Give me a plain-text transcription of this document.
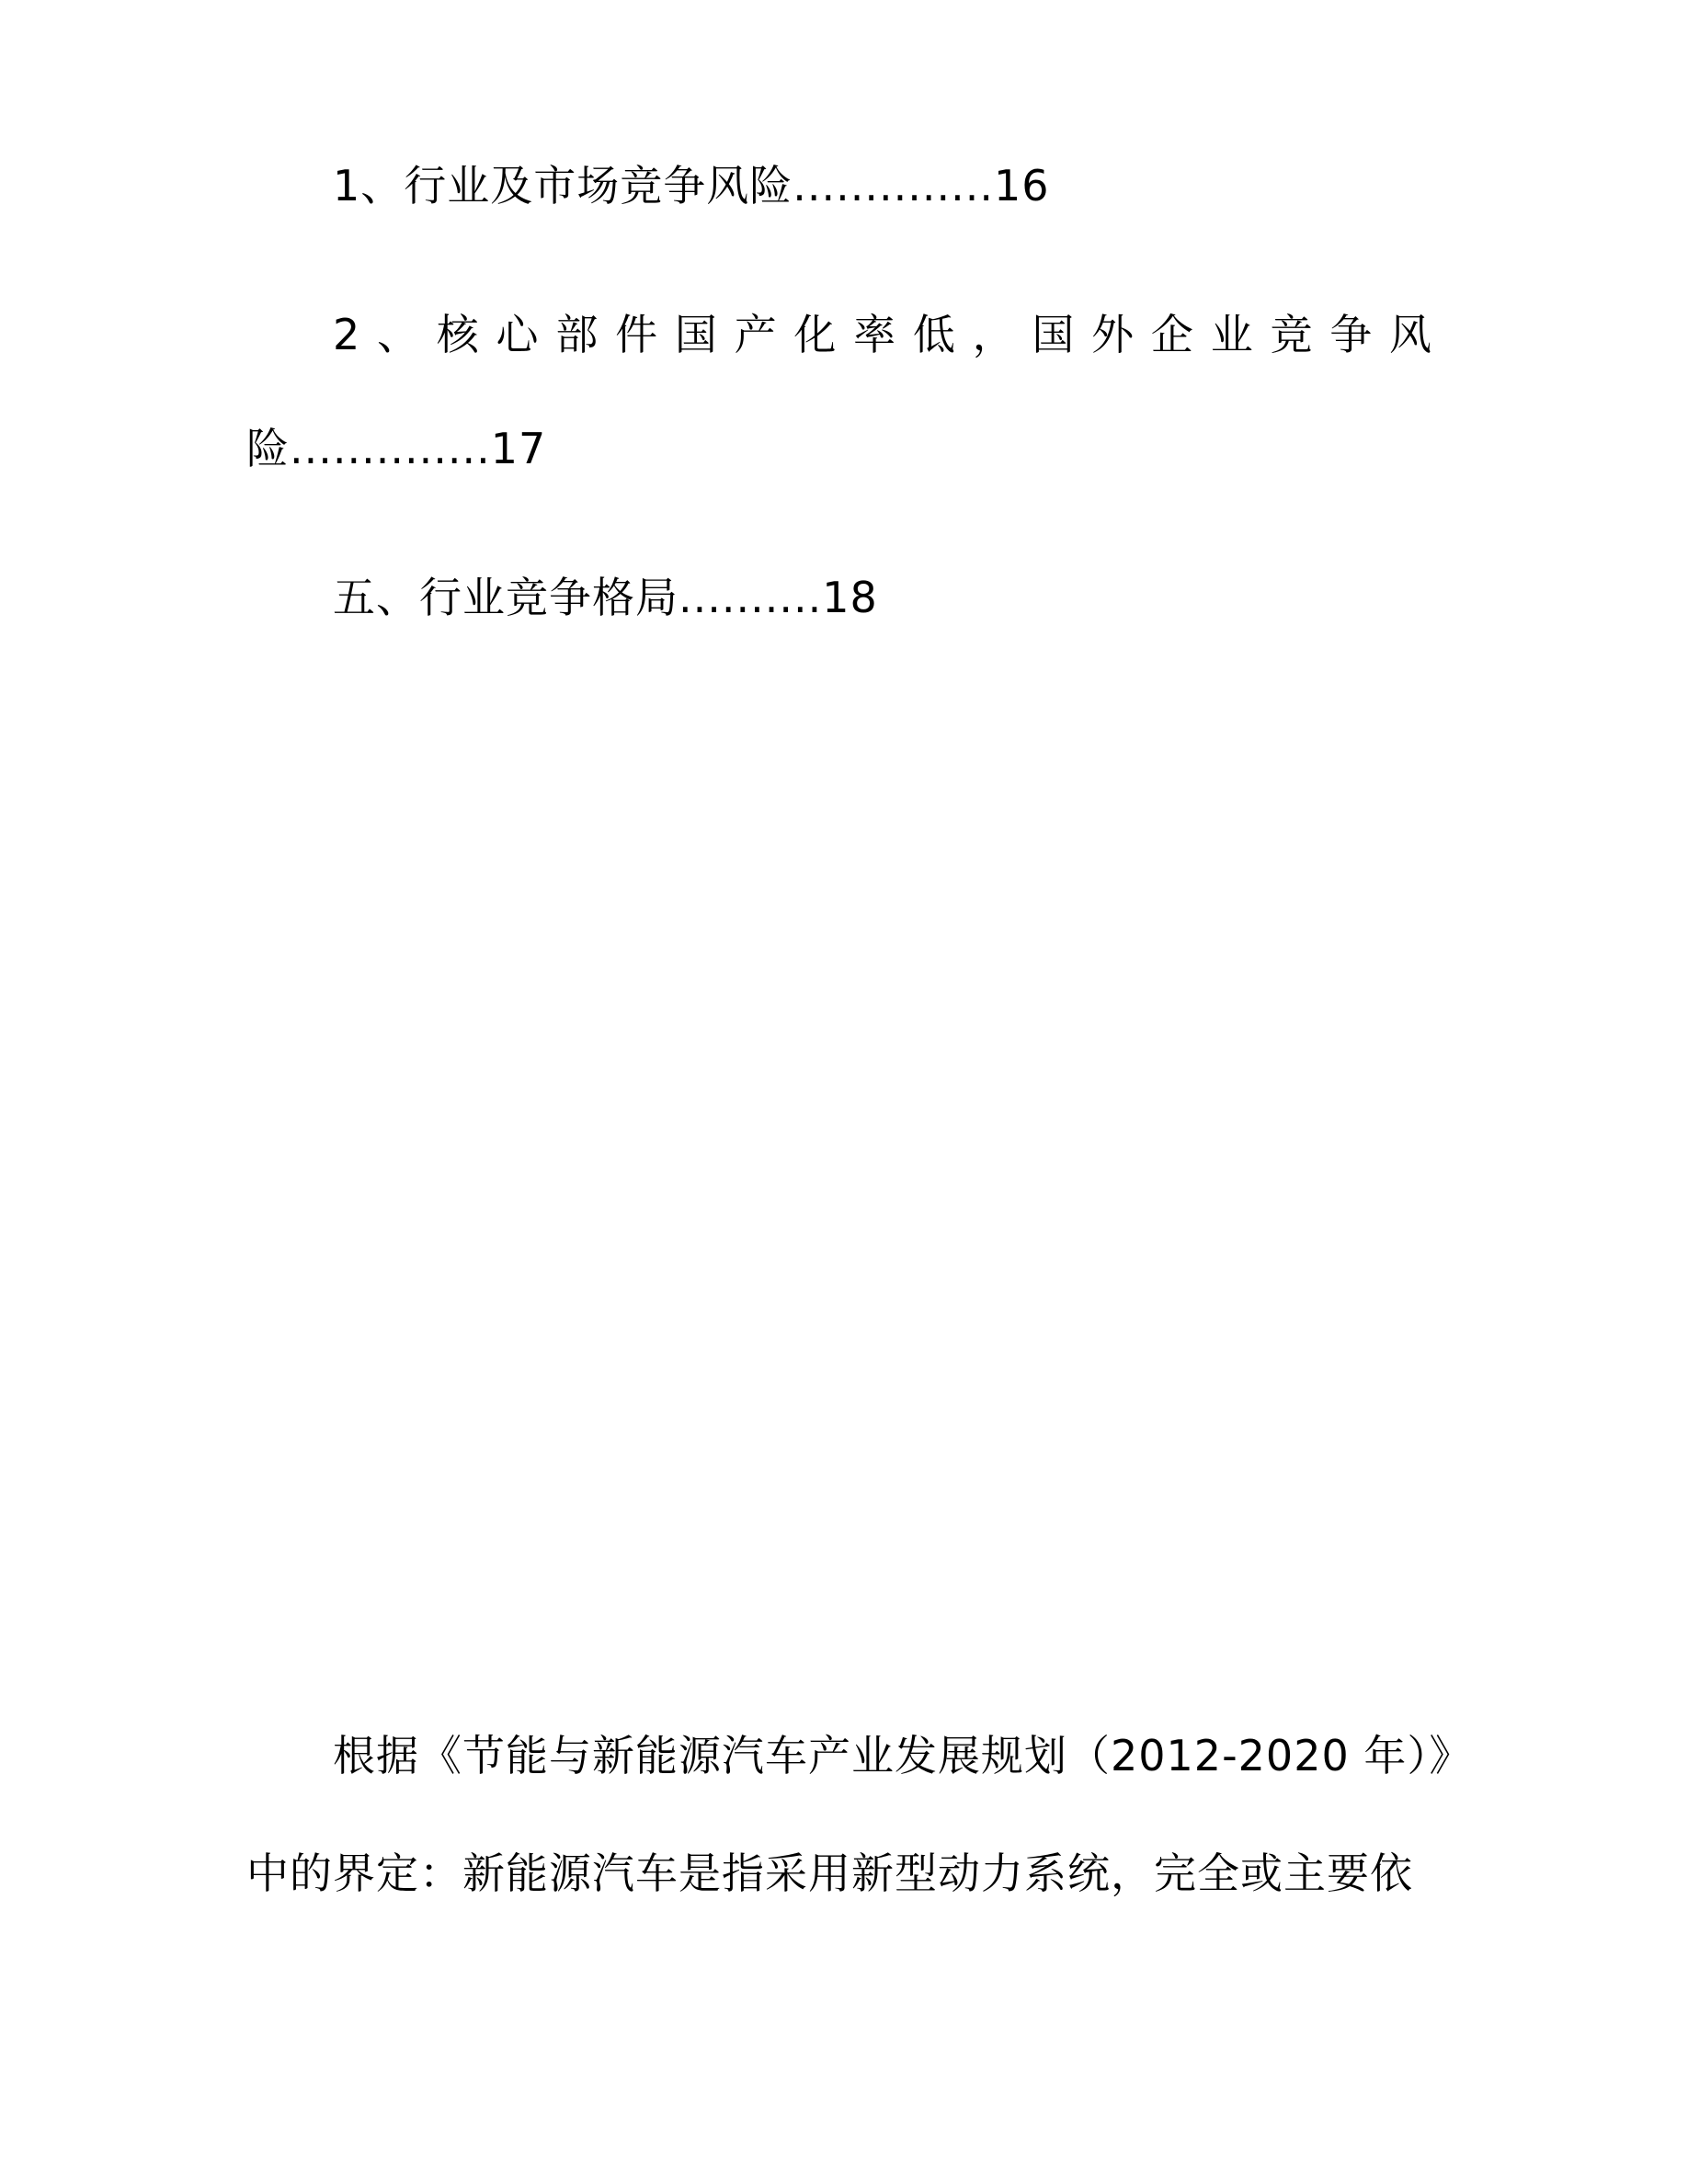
1、行业及市场竞争风险..............16
2、核心部件国产化率低，国外企业竞争风
险..............17
五、行业竞争格局..........18
根据《节能与新能源汽车产业发展规划（2012-2020 年）》
中的界定：新能源汽车是指采用新型动力系统，完全或主要依
